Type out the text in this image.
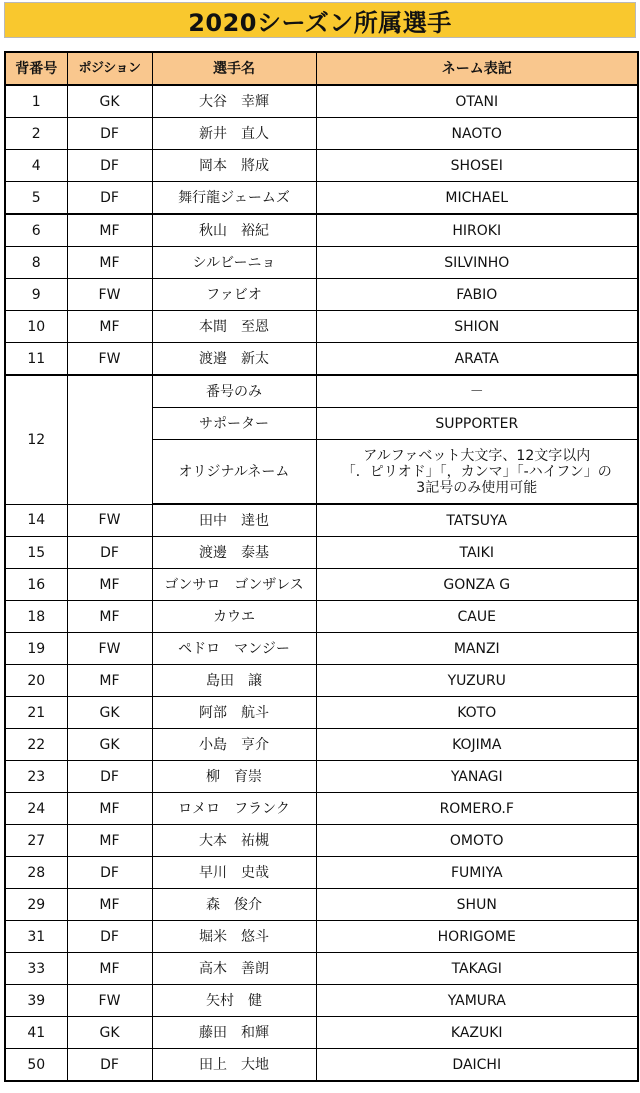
2020シーズン所属選手
背番号	ポジション	選手名	ネーム表記
1	GK	大谷　幸輝	OTANI
2	DF	新井　直人	NAOTO
4	DF	岡本　將成	SHOSEI
5	DF	舞行龍ジェームズ	MICHAEL
6	MF	秋山　裕紀	HIROKI
8	MF	シルビーニョ	SILVINHO
9	FW	ファビオ	FABIO
10	MF	本間　至恩	SHION
11	FW	渡邉　新太	ARATA
12		番号のみ	－
		サポーター	SUPPORTER
		オリジナルネーム	アルファベット大文字、12文字以内
「．ピリオド」「，カンマ」「-ハイフン」の
3記号のみ使用可能

14	FW	田中　達也	TATSUYA
15	DF	渡邊　泰基	TAIKI
16	MF	ゴンサロ　ゴンザレス	GONZA G
18	MF	カウエ	CAUE
19	FW	ペドロ　マンジー	MANZI
20	MF	島田　譲	YUZURU
21	GK	阿部　航斗	KOTO
22	GK	小島　亨介	KOJIMA
23	DF	柳　育崇	YANAGI
24	MF	ロメロ　フランク	ROMERO.F
27	MF	大本　祐槻	OMOTO
28	DF	早川　史哉	FUMIYA
29	MF	森　俊介	SHUN
31	DF	堀米　悠斗	HORIGOME
33	MF	高木　善朗	TAKAGI
39	FW	矢村　健	YAMURA
41	GK	藤田　和輝	KAZUKI
50	DF	田上　大地	DAICHI
